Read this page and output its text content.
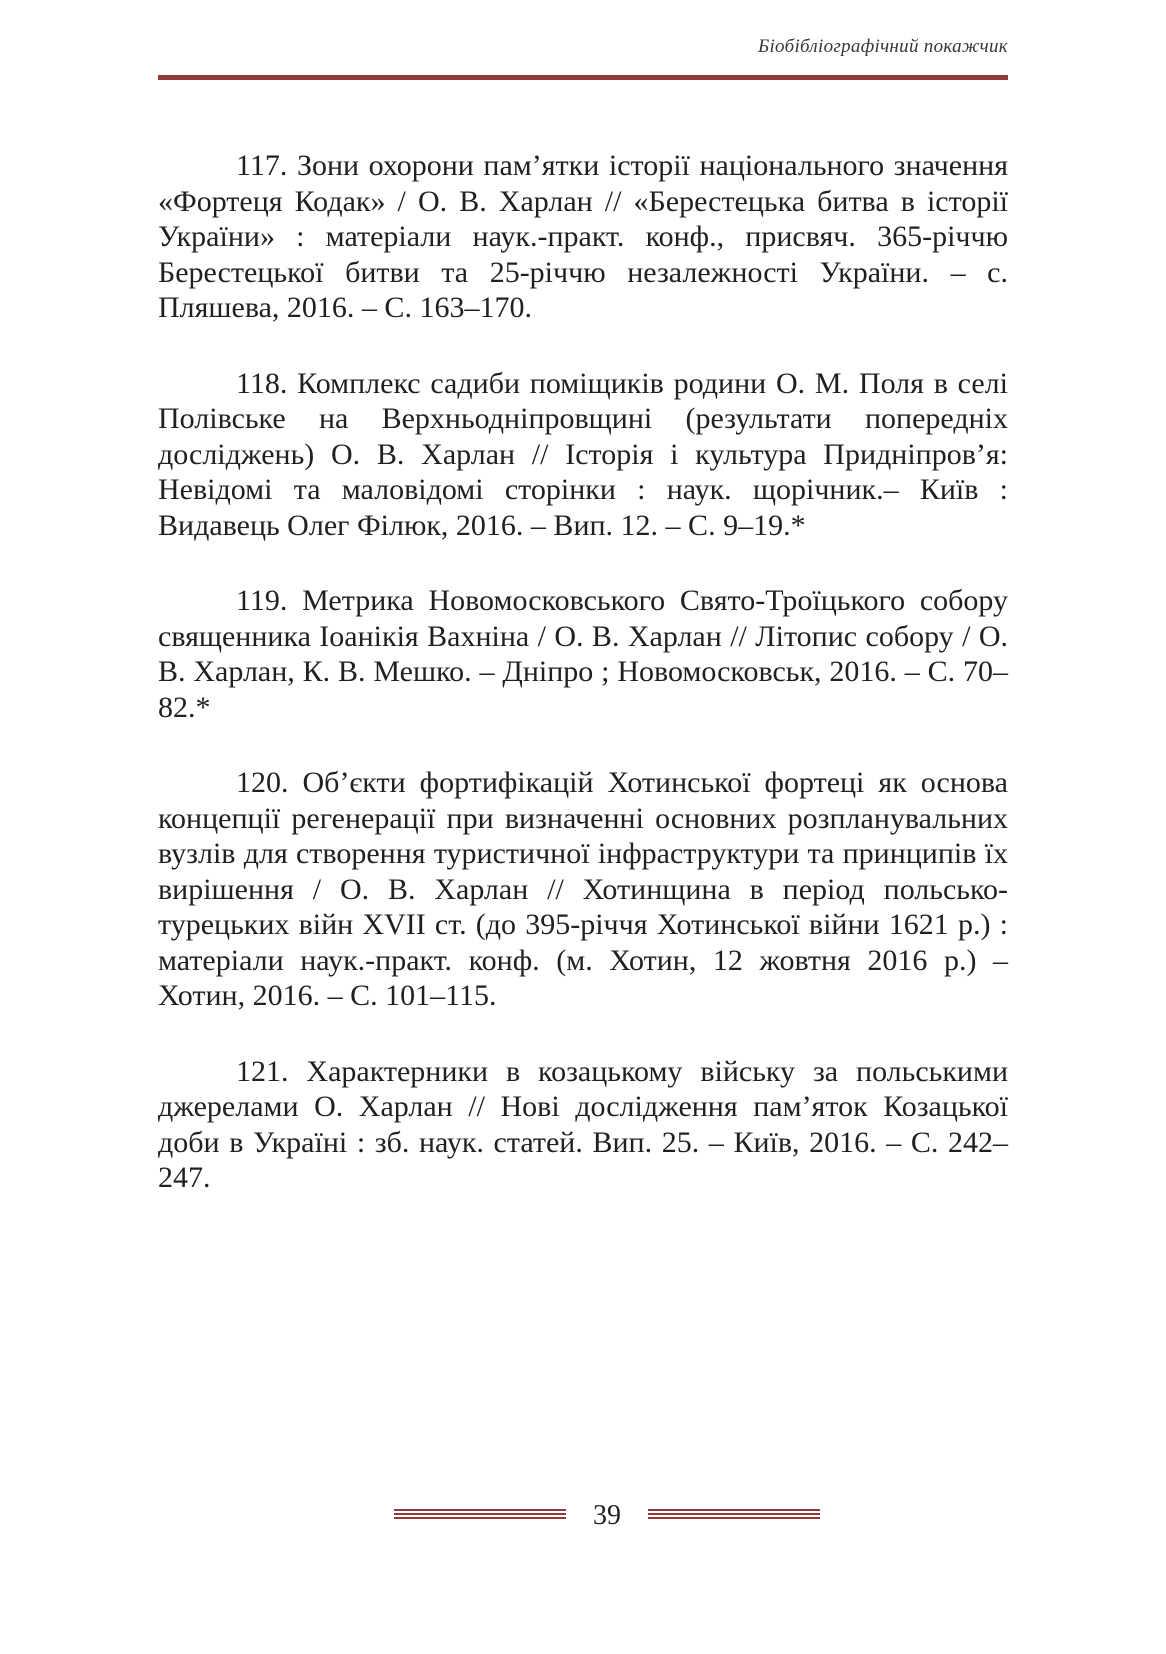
Біобібліографічний покажчик

117. Зони охорони пам’ятки історії національного значення «Фортеця Кодак» / О. В. Харлан // «Берестецька битва в історії України» : матеріали наук.-практ. конф., присвяч. 365-річчю Берестецької битви та 25-річчю незалежності України. – с. Пляшева, 2016. – С. 163–170.

118. Комплекс садиби поміщиків родини О. М. Поля в селі Полівське на Верхньодніпровщині (результати попередніх досліджень) О. В. Харлан // Історія і культура Придніпров’я: Невідомі та маловідомі сторінки : наук. щорічник.– Київ : Видавець Олег Філюк, 2016. – Вип. 12. – С. 9–19.*

119. Метрика Новомосковського Свято-Троїцького собору священника Іоанікія Вахніна / О. В. Харлан // Літопис собору / О. В. Харлан, К. В. Мешко. – Дніпро ; Новомосковськ, 2016. – С. 70–82.*

120. Об’єкти фортифікацій Хотинської фортеці як основа концепції регенерації при визначенні основних розпланувальних вузлів для створення туристичної інфраструктури та принципів їх вирішення / О. В. Харлан // Хотинщина в період польсько-турецьких війн XVII ст. (до 395-річчя Хотинської війни 1621 р.) : матеріали наук.-практ. конф. (м. Хотин, 12 жовтня 2016 р.) – Хотин, 2016. – С. 101–115.

121. Характерники в козацькому війську за польськими джерелами О. Харлан // Нові дослідження пам’яток Козацької доби в Україні : зб. наук. статей. Вип. 25. – Київ, 2016. – С. 242–247.

39
